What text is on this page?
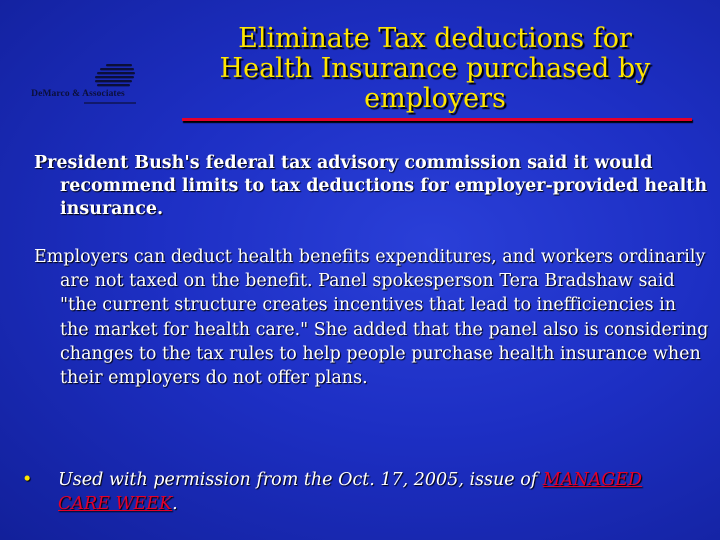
DeMarco & Associates
Eliminate Tax deductions for Health Insurance purchased by employers

President Bush's federal tax advisory commission said it would recommend limits to tax deductions for employer-provided health insurance.

Employers can deduct health benefits expenditures, and workers ordinarily are not taxed on the benefit. Panel spokesperson Tera Bradshaw said "the current structure creates incentives that lead to inefficiencies in the market for health care." She added that the panel also is considering changes to the tax rules to help people purchase health insurance when their employers do not offer plans.

•	Used with permission from the Oct. 17, 2005, issue of MANAGED CARE WEEK.
